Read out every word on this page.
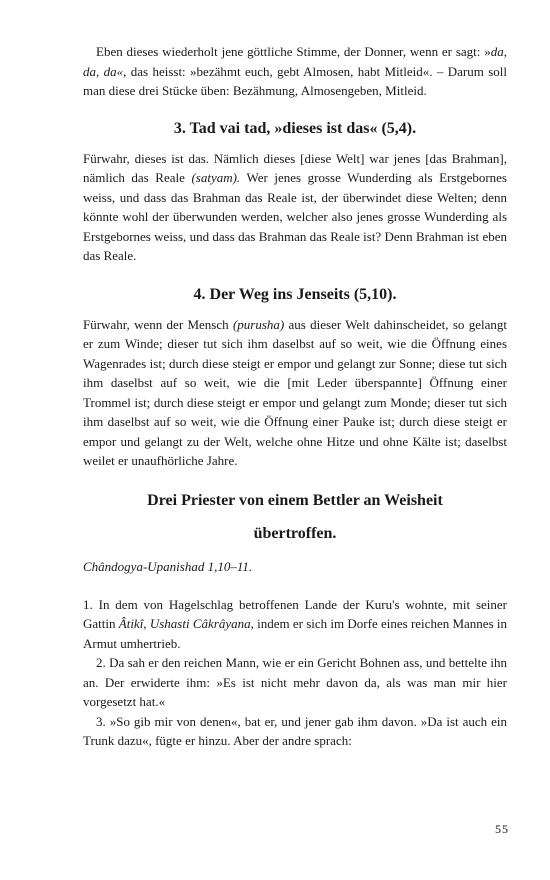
Eben dieses wiederholt jene göttliche Stimme, der Donner, wenn er sagt: »da, da, da«, das heisst: »bezähmt euch, gebt Almosen, habt Mitleid«. – Darum soll man diese drei Stücke üben: Bezähmung, Almosengeben, Mitleid.

3. Tad vai tad, »dieses ist das« (5,4).

Fürwahr, dieses ist das. Nämlich dieses [diese Welt] war jenes [das Brahman], nämlich das Reale (satyam). Wer jenes grosse Wunderding als Erstgebornes weiss, und dass das Brahman das Reale ist, der überwindet diese Welten; denn könnte wohl der überwunden werden, welcher also jenes grosse Wunderding als Erstgebornes weiss, und dass das Brahman das Reale ist? Denn Brahman ist eben das Reale.

4. Der Weg ins Jenseits (5,10).

Fürwahr, wenn der Mensch (purusha) aus dieser Welt dahinscheidet, so gelangt er zum Winde; dieser tut sich ihm daselbst auf so weit, wie die Öffnung eines Wagenrades ist; durch diese steigt er empor und gelangt zur Sonne; diese tut sich ihm daselbst auf so weit, wie die [mit Leder überspannte] Öffnung einer Trommel ist; durch diese steigt er empor und gelangt zum Monde; dieser tut sich ihm daselbst auf so weit, wie die Öffnung einer Pauke ist; durch diese steigt er empor und gelangt zu der Welt, welche ohne Hitze und ohne Kälte ist; daselbst weilet er unaufhörliche Jahre.

Drei Priester von einem Bettler an Weisheit
übertroffen.

Chândogya-Upanishad 1,10–11.

1. In dem von Hagelschlag betroffenen Lande der Kuru's wohnte, mit seiner Gattin Âtikî, Ushasti Câkrâyana, indem er sich im Dorfe eines reichen Mannes in Armut umhertrieb.

2. Da sah er den reichen Mann, wie er ein Gericht Bohnen ass, und bettelte ihn an. Der erwiderte ihm: »Es ist nicht mehr davon da, als was man mir hier vorgesetzt hat.«

3. »So gib mir von denen«, bat er, und jener gab ihm davon. »Da ist auch ein Trunk dazu«, fügte er hinzu. Aber der andre sprach:

55
